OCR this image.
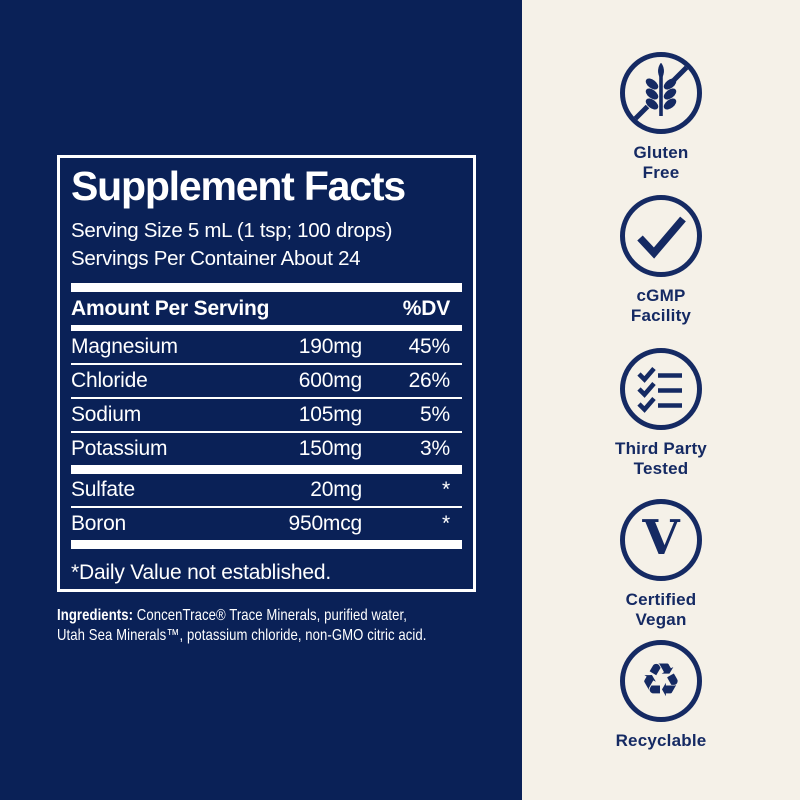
Supplement Facts
Serving Size 5 mL (1 tsp; 100 drops)
Servings Per Container About 24
Amount Per Serving	%DV
Magnesium	190mg	45%
Chloride	600mg	26%
Sodium	105mg	5%
Potassium	150mg	3%
Sulfate	20mg	*
Boron	950mcg	*
*Daily Value not established.

Ingredients: ConcenTrace® Trace Minerals, purified water,
Utah Sea Minerals™, potassium chloride, non-GMO citric acid.

Gluten
Free
cGMP
Facility
Third Party
Tested
V
Certified
Vegan
♻
Recyclable
